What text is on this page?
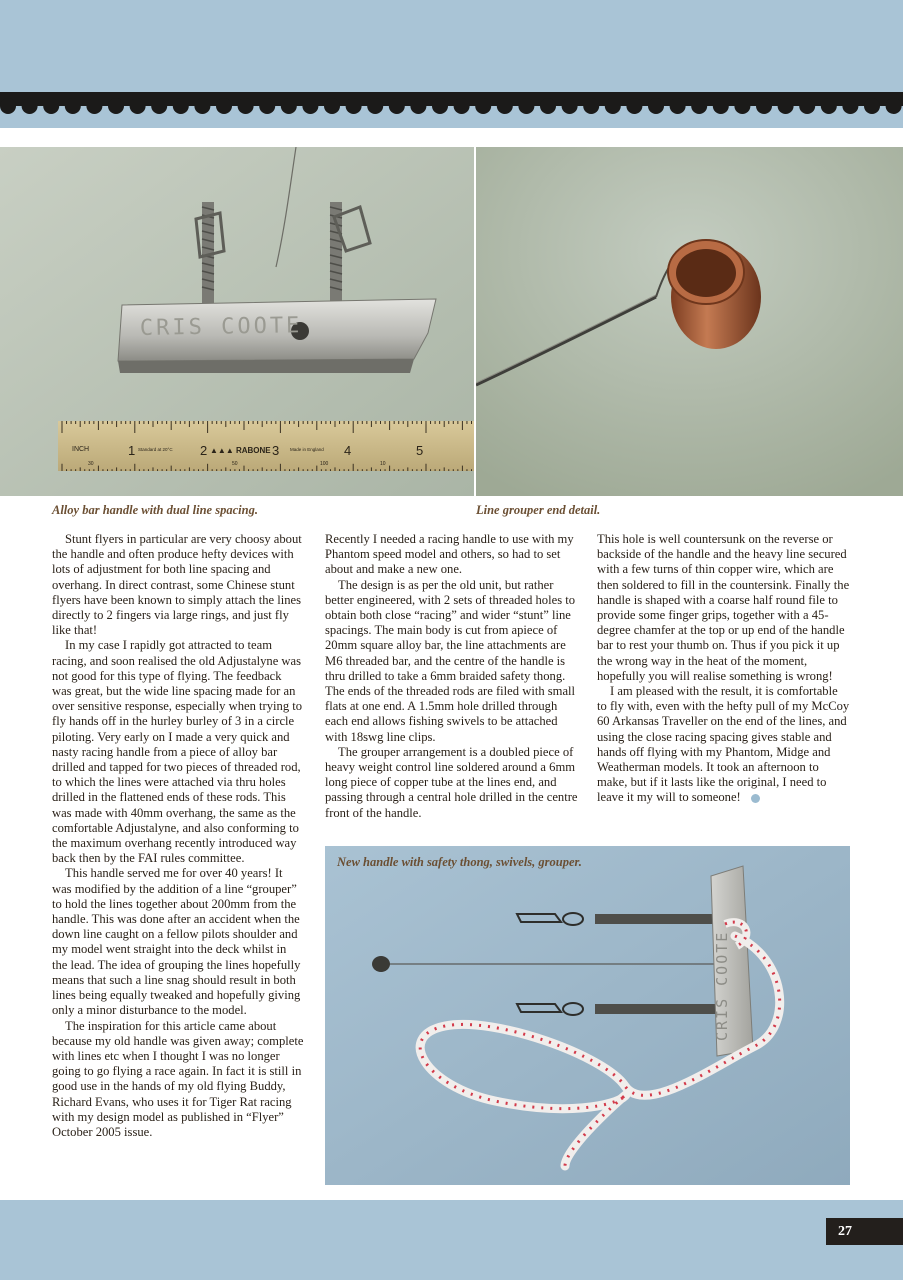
CRIS COOTE
INCH	Standard at 20°C	▲▲▲ RABONE	Made in England
1	2	3	4	5
30	50	100	10
Alloy bar handle with dual line spacing.	Line grouper end detail.

Stunt flyers in particular are very choosy about the handle and often produce hefty devices with lots of adjustment for both line spacing and overhang. In direct contrast, some Chinese stunt flyers have been known to simply attach the lines directly to 2 fingers via large rings, and just fly like that!

In my case I rapidly got attracted to team racing, and soon realised the old Adjustalyne was not good for this type of flying. The feedback was great, but the wide line spacing made for an over sensitive response, especially when trying to fly hands off in the hurley burley of 3 in a circle piloting. Very early on I made a very quick and nasty racing handle from a piece of alloy bar drilled and tapped for two pieces of threaded rod, to which the lines were attached via thru holes drilled in the flattened ends of these rods. This was made with 40mm overhang, the same as the comfortable Adjustalyne, and also conforming to the maximum overhang recently introduced way back then by the FAI rules committee.

This handle served me for over 40 years! It was modified by the addition of a line “grouper” to hold the lines together about 200mm from the handle. This was done after an accident when the down line caught on a fellow pilots shoulder and my model went straight into the deck whilst in the lead. The idea of grouping the lines hopefully means that such a line snag should result in both lines being equally tweaked and hopefully giving only a minor disturbance to the model.

The inspiration for this article came about because my old handle was given away; complete with lines etc when I thought I was no longer going to go flying a race again. In fact it is still in good use in the hands of my old flying Buddy, Richard Evans, who uses it for Tiger Rat racing with my design model as published in “Flyer” October 2005 issue.

Recently I needed a racing handle to use with my Phantom speed model and others, so had to set about and make a new one.

The design is as per the old unit, but rather better engineered, with 2 sets of threaded holes to obtain both close “racing” and wider “stunt” line spacings. The main body is cut from apiece of 20mm square alloy bar, the line attachments are M6 threaded bar, and the centre of the handle is thru drilled to take a 6mm braided safety thong. The ends of the threaded rods are filed with small flats at one end. A 1.5mm hole drilled through each end allows fishing swivels to be attached with 18swg line clips.

The grouper arrangement is a doubled piece of heavy weight control line soldered around a 6mm long piece of copper tube at the lines end, and passing through a central hole drilled in the centre front of the handle.

This hole is well countersunk on the reverse or backside of the handle and the heavy line secured with a few turns of thin copper wire, which are then soldered to fill in the countersink. Finally the handle is shaped with a coarse half round file to provide some finger grips, together with a 45-degree chamfer at the top or up end of the handle bar to rest your thumb on. Thus if you pick it up the wrong way in the heat of the moment, hopefully you will realise something is wrong!

I am pleased with the result, it is comfortable to fly with, even with the hefty pull of my McCoy 60 Arkansas Traveller on the end of the lines, and using the close racing spacing gives stable and hands off flying with my Phantom, Midge and Weatherman models. It took an afternoon to make, but if it lasts like the original, I need to leave it my will to someone!

CRIS COOTE
New handle with safety thong, swivels, grouper.
27
